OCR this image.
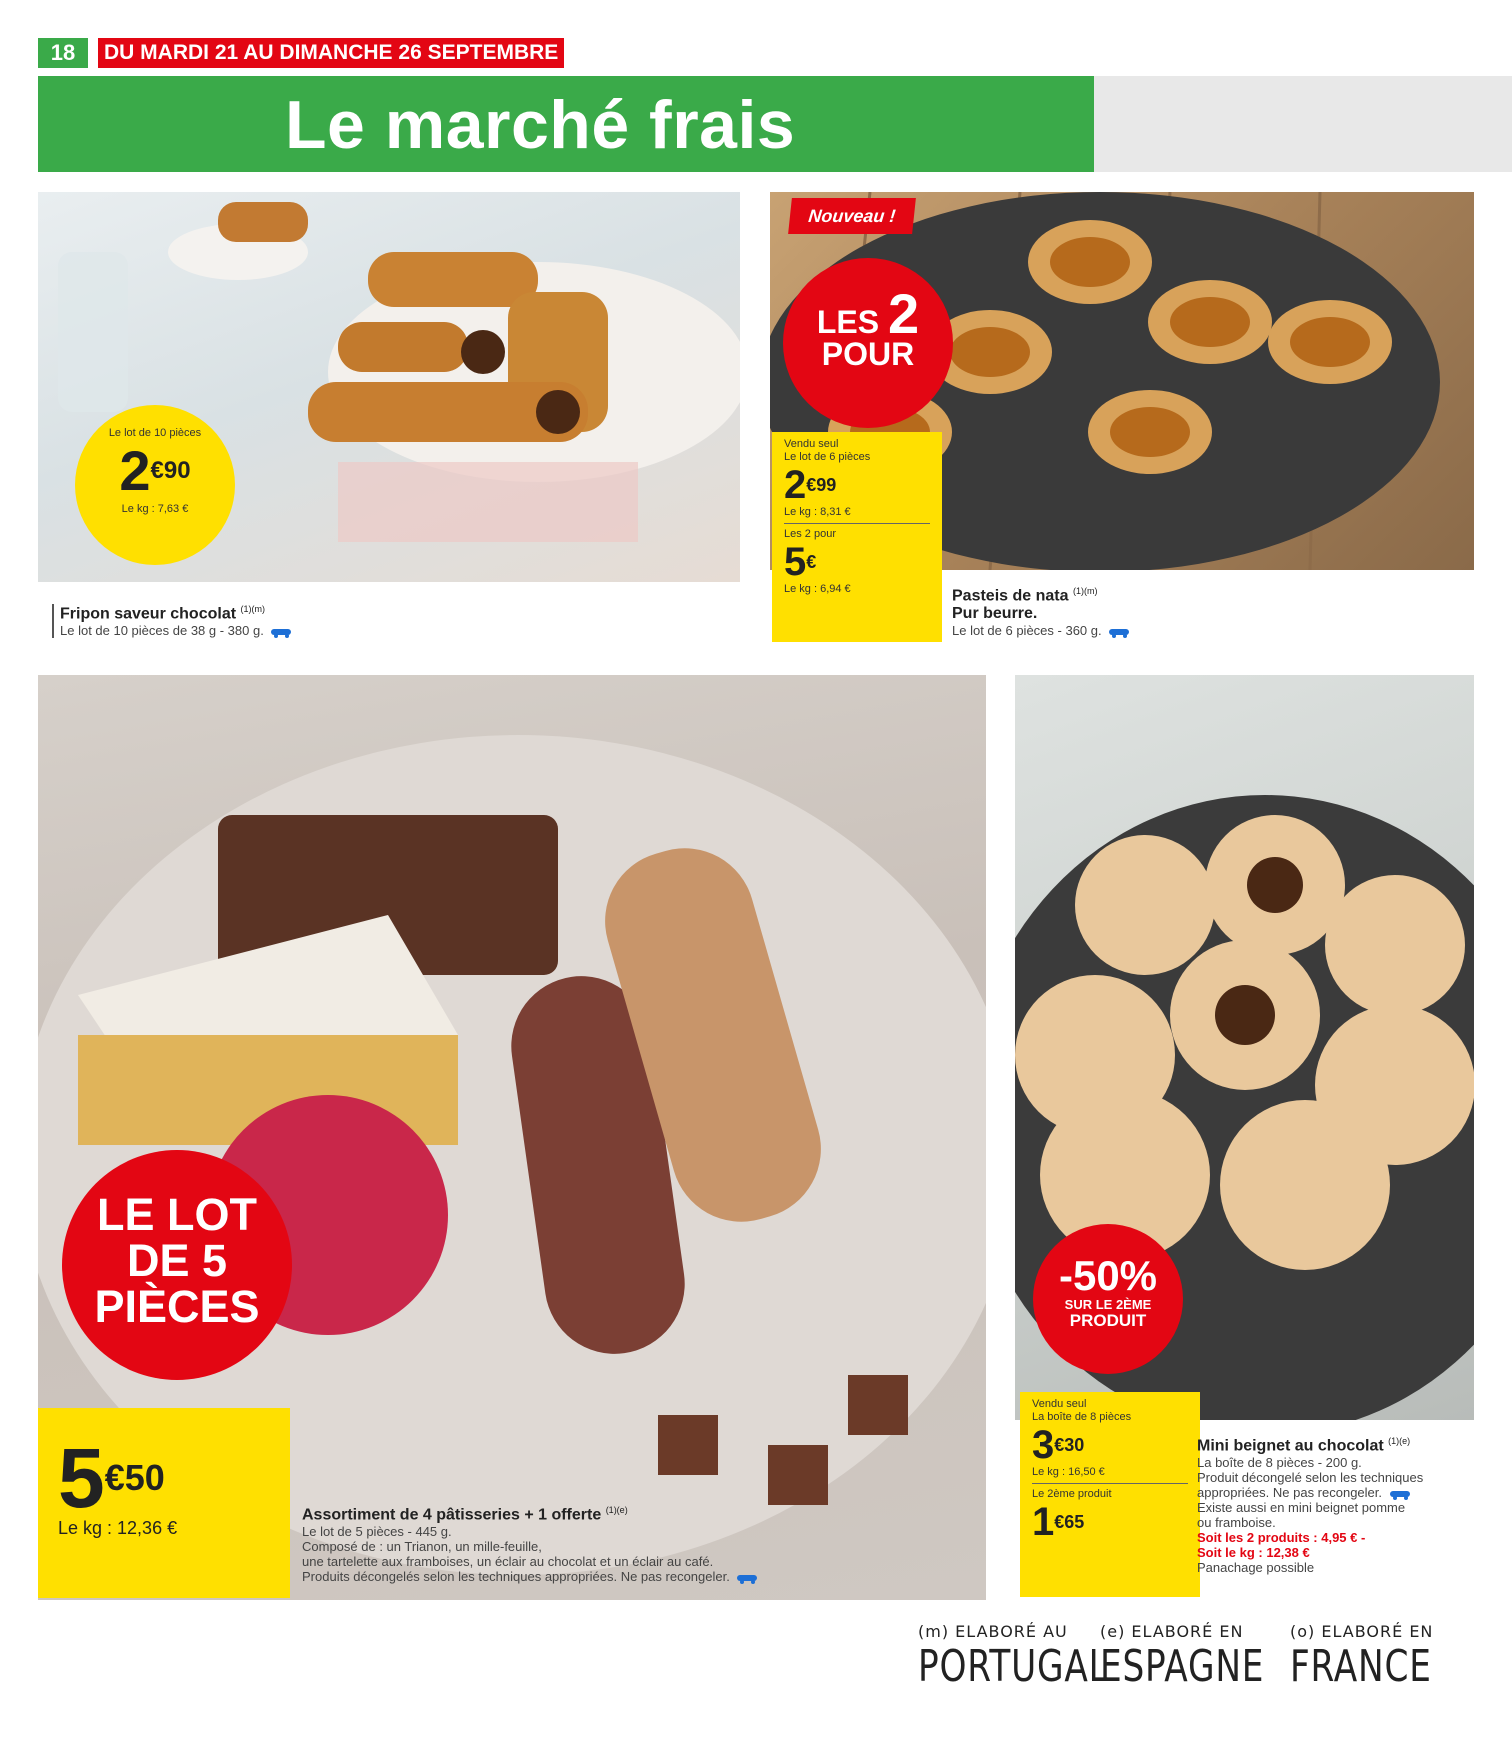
18	DU MARDI 21 AU DIMANCHE 26 SEPTEMBRE
Le marché frais
Le lot de 10 pièces
$2^{€90}$
Le kg : 7,63 €
Fripon saveur chocolat $^{(1)(m)}$
Le lot de 10 pièces de 38 g - 380 g.
Nouveau !
LES 2
POUR
Vendu seul
Le lot de 6 pièces
$2^{€99}$
Le kg : 8,31 €
Les 2 pour
5€
Le kg : 6,94 €	Pasteis de nata $^{(1)(m)}$
Pur beurre.
Le lot de 6 pièces - 360 g.
LE LOT
DE 5
PIÈCES
$5^{€50}$
Le kg : 12,36 €
Assortiment de 4 pâtisseries + 1 offerte $^{(1)(e)}$
Le lot de 5 pièces - 445 g.
Composé de : un Trianon, un mille-feuille,
une tartelette aux framboises, un éclair au chocolat et un éclair au café.
Produits décongelés selon les techniques appropriées. Ne pas recongeler.
-50%
SUR LE 2ÈME
PRODUIT
Vendu seul
La boîte de 8 pièces
$3^{€30}$
Le kg : 16,50 €
Le 2ème produit
$1^{€65}$
Mini beignet au chocolat $^{(1)(e)}$
La boîte de 8 pièces - 200 g.
Produit décongelé selon les techniques
appropriées. Ne pas recongeler.
Existe aussi en mini beignet pomme
ou framboise.
Soit les 2 produits : 4,95 € -
Soit le kg : 12,38 €
Panachage possible
(m) ELABORÉ AU
PORTUGAL
(e) ELABORÉ EN
ESPAGNE
(o) ELABORÉ EN
FRANCE
